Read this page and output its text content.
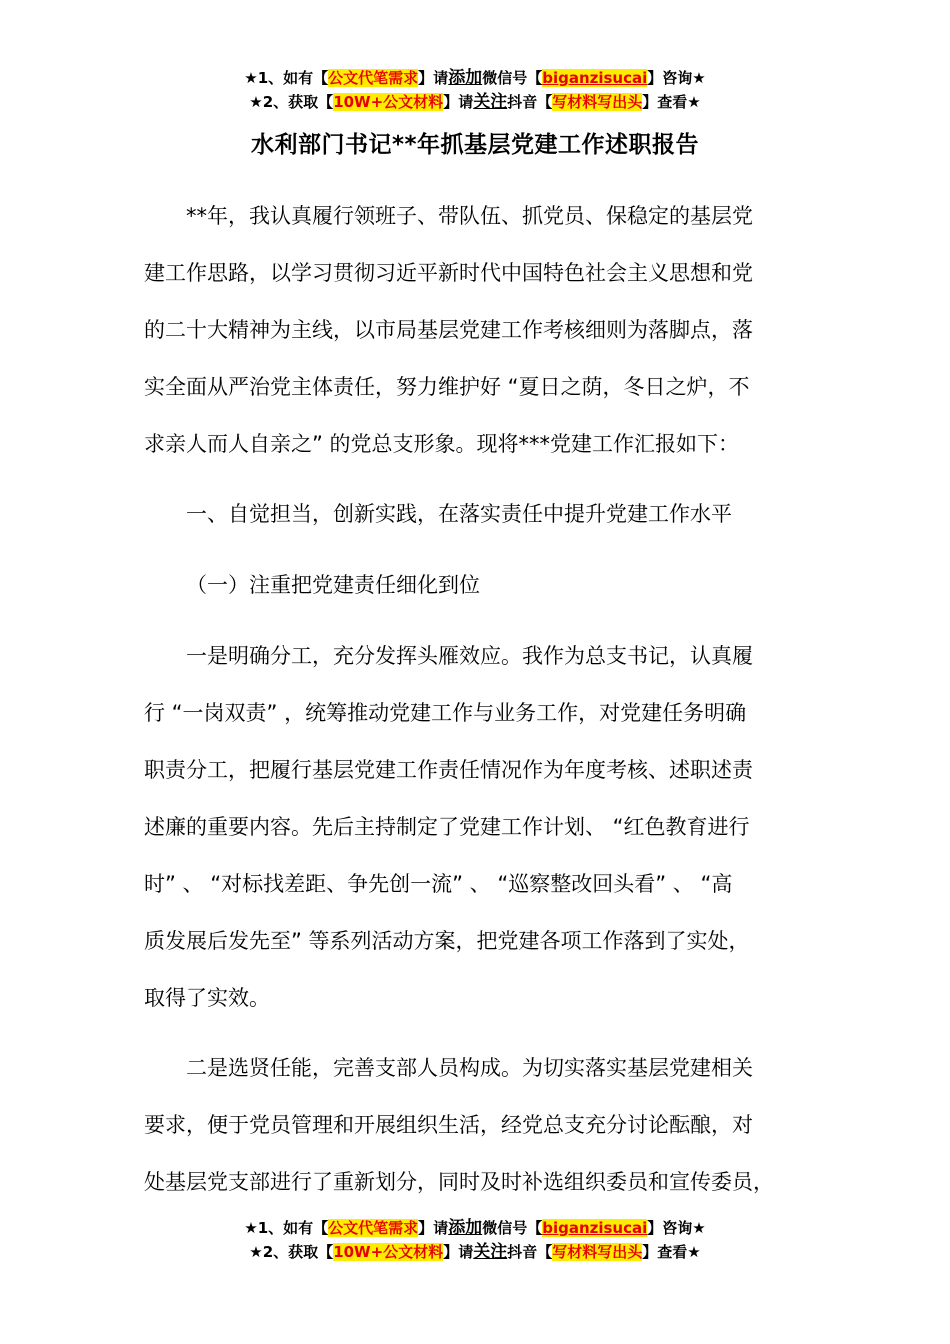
★1、如有【公文代笔需求】请添加微信号【biganzisucai】咨询★
★2、获取【10W+公文材料】请关注抖音【写材料写出头】查看★
水利部门书记**年抓基层党建工作述职报告
**年，我认真履行领班子、带队伍、抓党员、保稳定的基层党
建工作思路，以学习贯彻习近平新时代中国特色社会主义思想和党
的二十大精神为主线，以市局基层党建工作考核细则为落脚点，落
实全面从严治党主体责任，努力维护好 “夏日之荫，冬日之炉，不
求亲人而人自亲之” 的党总支形象。现将***党建工作汇报如下：
一、自觉担当，创新实践，在落实责任中提升党建工作水平
（一）注重把党建责任细化到位
一是明确分工，充分发挥头雁效应。我作为总支书记，认真履
行 “一岗双责” ，统筹推动党建工作与业务工作，对党建任务明确
职责分工，把履行基层党建工作责任情况作为年度考核、述职述责
述廉的重要内容。先后主持制定了党建工作计划、 “红色教育进行
时” 、 “对标找差距、争先创一流” 、 “巡察整改回头看” 、 “高
质发展后发先至” 等系列活动方案，把党建各项工作落到了实处，
取得了实效。
二是选贤任能，完善支部人员构成。为切实落实基层党建相关
要求，便于党员管理和开展组织生活，经党总支充分讨论酝酿，对
处基层党支部进行了重新划分，同时及时补选组织委员和宣传委员，
★1、如有【公文代笔需求】请添加微信号【biganzisucai】咨询★
★2、获取【10W+公文材料】请关注抖音【写材料写出头】查看★
